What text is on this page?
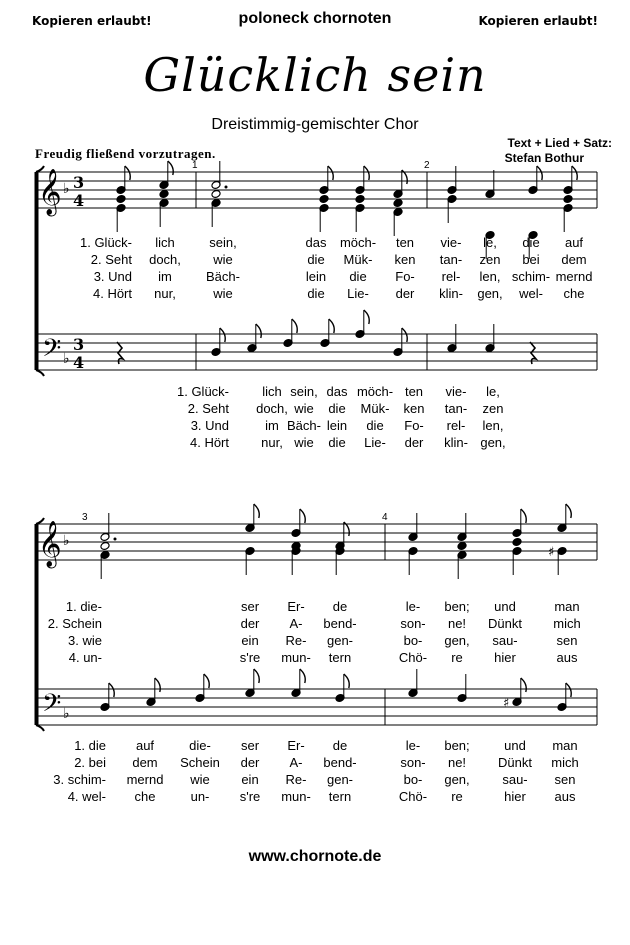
Kopieren erlaubt!	poloneck chornoten	Kopieren erlaubt!
Glücklich sein
Dreistimmig-gemischter Chor
Text + Lied + Satz:
Stefan Bothur
Freudig fließend vorzutragen.
𝄞 ♭ 3
4
𝄢 ♭
3
4
1	2
𝄞 ♭
𝄢 ♭
3	4
♯
♯
1. Glück- lich	sein,	das möch- ten vie- le, die auf
2. Seht doch, wie	die Mük- ken tan- zen bei dem
3. Und im	Bäch-	lein die Fo- rel- len, schim- mernd
4. Hört nur,	wie	die Lie- der klin- gen, wel- che
1. Glück-	lich sein, das möch- ten vie- le,
2. Seht doch, wie die Mük- ken tan- zen
3. Und	im Bäch- lein die Fo- rel- len,
4. Hört nur, wie die Lie- der klin- gen,
1. die-	ser Er- de	le- ben; und	man
2. Schein	der A- bend-	son- ne! Dünkt mich
3. wie	ein Re- gen-	bo- gen, sau-	sen
4. un-	s're mun- tern	Chö- re hier	aus
1. die auf	die- ser Er- de	le- ben;	und man
2. bei dem Schein der A- bend-	son- ne! Dünkt mich
3. schim- mernd wie ein Re- gen-	bo- gen,	sau- sen
4. wel- che	un- s're mun- tern	Chö- re	hier aus
www.chornote.de
